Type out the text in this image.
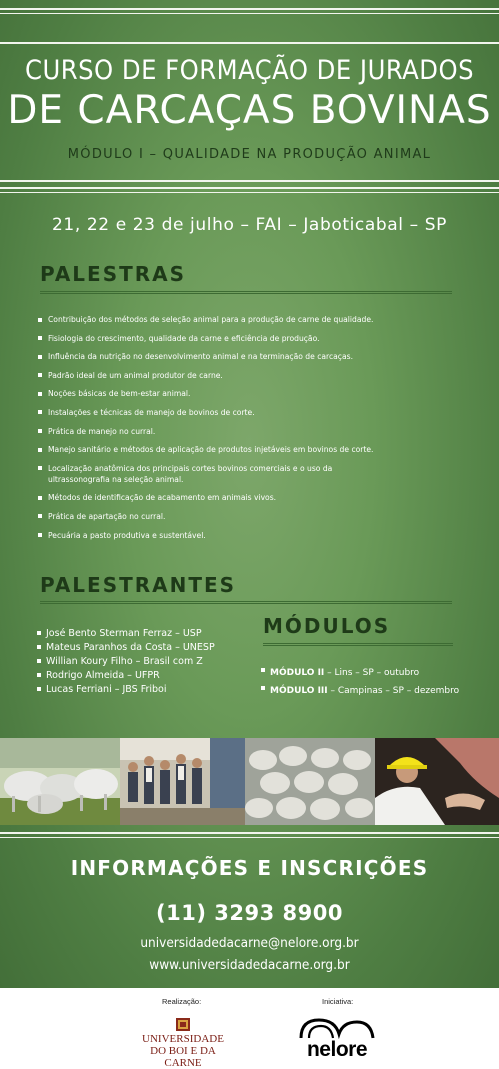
CURSO DE FORMAÇÃO DE JURADOS
DE CARCAÇAS BOVINAS
MÓDULO I – QUALIDADE NA PRODUÇÃO ANIMAL
21, 22 e 23 de julho – FAI – Jaboticabal – SP
PALESTRAS
Contribuição dos métodos de seleção animal para a produção de carne de qualidade.
Fisiologia do crescimento, qualidade da carne e eficiência de produção.
Influência da nutrição no desenvolvimento animal e na terminação de carcaças.
Padrão ideal de um animal produtor de carne.
Noções básicas de bem-estar animal.
Instalações e técnicas de manejo de bovinos de corte.
Prática de manejo no curral.
Manejo sanitário e métodos de aplicação de produtos injetáveis em bovinos de corte.
Localização anatômica dos principais cortes bovinos comerciais e o uso da ultrassonografia na seleção animal.
Métodos de identificação de acabamento em animais vivos.
Prática de apartação no curral.
Pecuária a pasto produtiva e sustentável.
PALESTRANTES
José Bento Sterman Ferraz – USP
Mateus Paranhos da Costa – UNESP
Willian Koury Filho – Brasil com Z
Rodrigo Almeida – UFPR
Lucas Ferriani – JBS Friboi
MÓDULOS
MÓDULO II – Lins – SP – outubro
MÓDULO III – Campinas – SP – dezembro
INFORMAÇÕES E INSCRIÇÕES
(11) 3293 8900
universidadedacarne@nelore.org.br
www.universidadedacarne.org.br
Realização:
UNIVERSIDADE
DO BOI E DA CARNE
Iniciativa:
nelore
